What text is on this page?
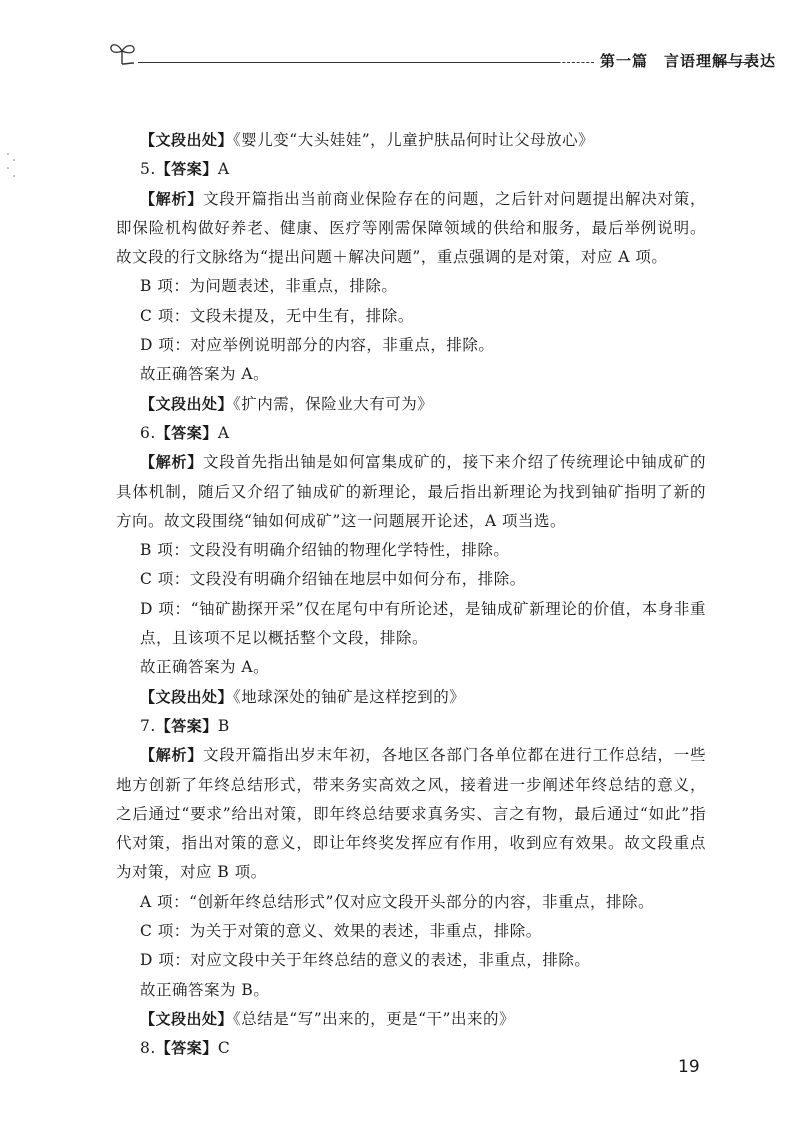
第一篇　言语理解与表达

【文段出处】《婴儿变“大头娃娃”，儿童护肤品何时让父母放心》

5.【答案】A

【解析】文段开篇指出当前商业保险存在的问题，之后针对问题提出解决对策，即保险机构做好养老、健康、医疗等刚需保障领域的供给和服务，最后举例说明。故文段的行文脉络为“提出问题＋解决问题”，重点强调的是对策，对应 A 项。

B 项：为问题表述，非重点，排除。

C 项：文段未提及，无中生有，排除。

D 项：对应举例说明部分的内容，非重点，排除。

故正确答案为 A。

【文段出处】《扩内需，保险业大有可为》

6.【答案】A

【解析】文段首先指出铀是如何富集成矿的，接下来介绍了传统理论中铀成矿的具体机制，随后又介绍了铀成矿的新理论，最后指出新理论为找到铀矿指明了新的方向。故文段围绕“铀如何成矿”这一问题展开论述，A 项当选。

B 项：文段没有明确介绍铀的物理化学特性，排除。

C 项：文段没有明确介绍铀在地层中如何分布，排除。

D 项：“铀矿勘探开采”仅在尾句中有所论述，是铀成矿新理论的价值，本身非重点，且该项不足以概括整个文段，排除。

故正确答案为 A。

【文段出处】《地球深处的铀矿是这样挖到的》

7.【答案】B

【解析】文段开篇指出岁末年初，各地区各部门各单位都在进行工作总结，一些地方创新了年终总结形式，带来务实高效之风，接着进一步阐述年终总结的意义，之后通过“要求”给出对策，即年终总结要求真务实、言之有物，最后通过“如此”指代对策，指出对策的意义，即让年终奖发挥应有作用，收到应有效果。故文段重点为对策，对应 B 项。

A 项：“创新年终总结形式”仅对应文段开头部分的内容，非重点，排除。

C 项：为关于对策的意义、效果的表述，非重点，排除。

D 项：对应文段中关于年终总结的意义的表述，非重点，排除。

故正确答案为 B。

【文段出处】《总结是“写”出来的，更是“干”出来的》

8.【答案】C

19
